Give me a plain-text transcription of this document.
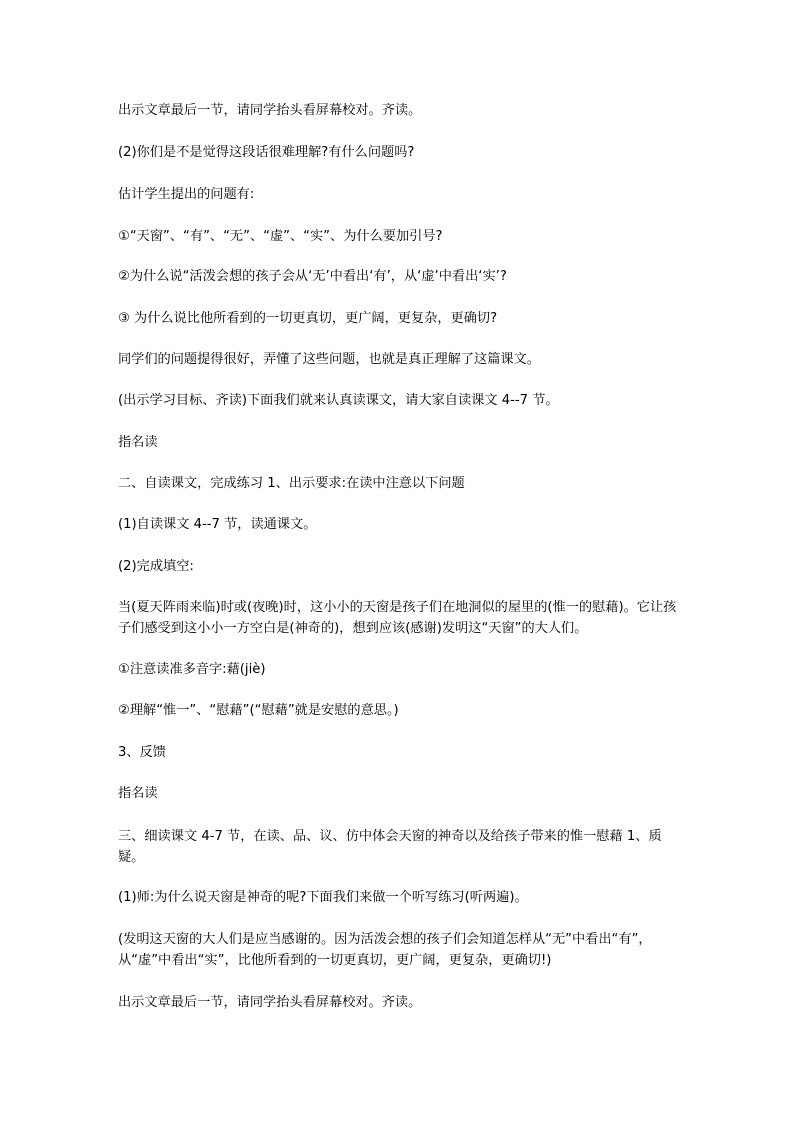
出示文章最后一节，请同学抬头看屏幕校对。齐读。
(2)你们是不是觉得这段话很难理解?有什么问题吗?
估计学生提出的问题有:
①“天窗”、“有”、“无”、“虚”、“实”、为什么要加引号?
②为什么说“活泼会想的孩子会从‘无’中看出‘有’，从‘虚’中看出‘实’?
③ 为什么说比他所看到的一切更真切，更广阔，更复杂，更确切?
同学们的问题提得很好，弄懂了这些问题，也就是真正理解了这篇课文。
(出示学习目标、齐读)下面我们就来认真读课文，请大家自读课文 4--7 节。
指名读
二、自读课文，完成练习 1、出示要求:在读中注意以下问题
(1)自读课文 4--7 节，读通课文。
(2)完成填空:
当(夏天阵雨来临)时或(夜晚)时，这小小的天窗是孩子们在地洞似的屋里的(惟一的慰藉)。它让孩子们感受到这小小一方空白是(神奇的)，想到应该(感谢)发明这“天窗”的大人们。
①注意读准多音字:藉(jiè)
②理解“惟一”、“慰藉”(“慰藉”就是安慰的意思。)
3、反馈
指名读
三、细读课文 4-7 节，在读、品、议、仿中体会天窗的神奇以及给孩子带来的惟一慰藉 1、质疑。
(1)师:为什么说天窗是神奇的呢?下面我们来做一个听写练习(听两遍)。
(发明这天窗的大人们是应当感谢的。因为活泼会想的孩子们会知道怎样从“无”中看出“有”，从“虚”中看出“实”，比他所看到的一切更真切，更广阔，更复杂，更确切!)
出示文章最后一节，请同学抬头看屏幕校对。齐读。
